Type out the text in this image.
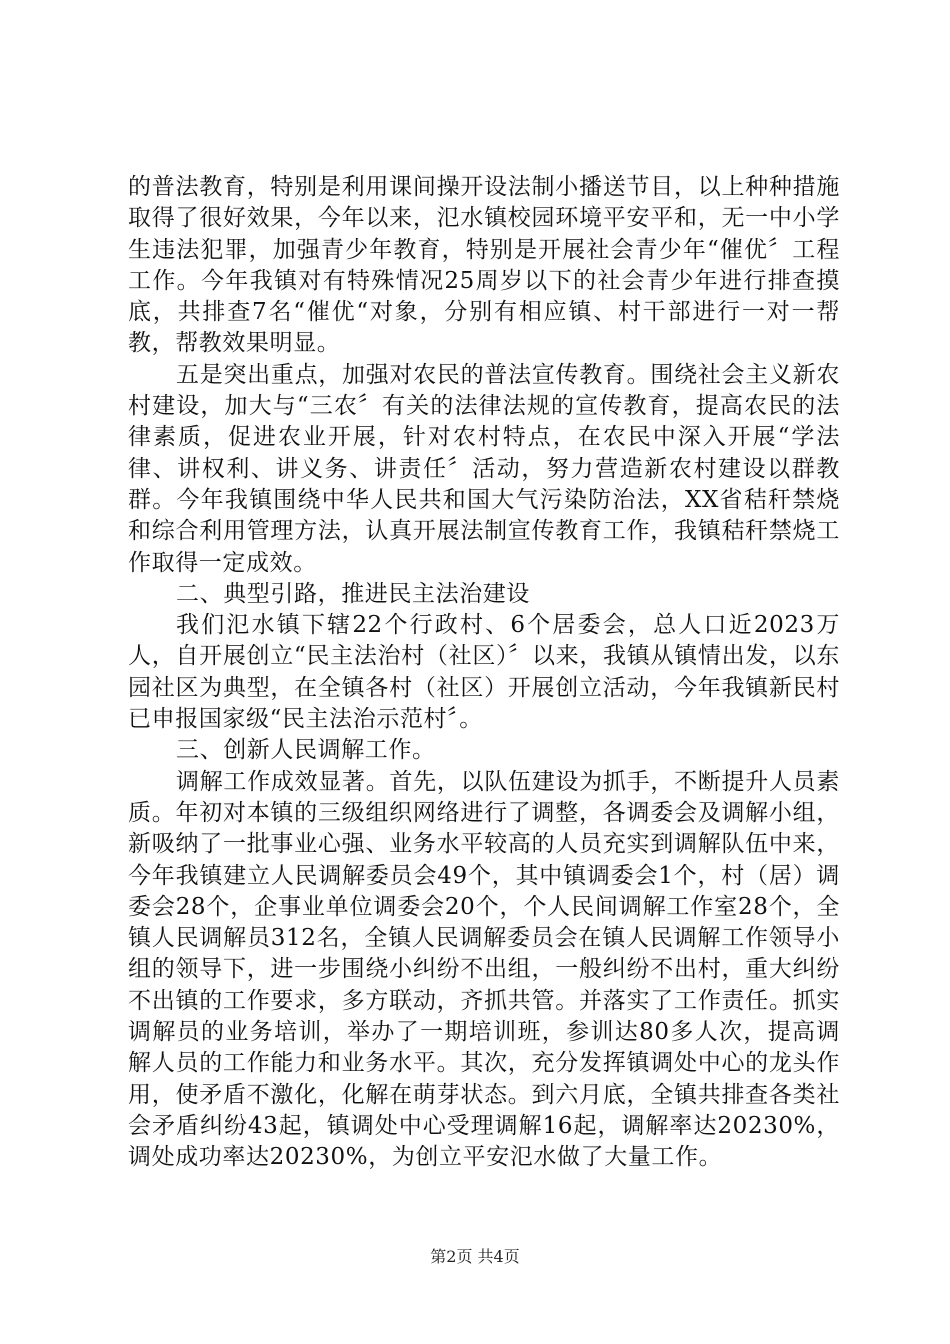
的普法教育，特别是利用课间操开设法制小播送节目，以上种种措施取得了很好效果，今年以来，氾水镇校园环境平安平和，无一中小学生违法犯罪，加强青少年教育，特别是开展社会青少年“催优〞工程工作。今年我镇对有特殊情况25周岁以下的社会青少年进行排查摸底，共排查7名“催优“对象，分别有相应镇、村干部进行一对一帮教，帮教效果明显。

五是突出重点，加强对农民的普法宣传教育。围绕社会主义新农村建设，加大与“三农〞有关的法律法规的宣传教育，提高农民的法律素质，促进农业开展，针对农村特点，在农民中深入开展“学法律、讲权利、讲义务、讲责任〞活动，努力营造新农村建设以群教群。今年我镇围绕中华人民共和国大气污染防治法，XX省秸秆禁烧和综合利用管理方法，认真开展法制宣传教育工作，我镇秸秆禁烧工作取得一定成效。

二、典型引路，推进民主法治建设

我们氾水镇下辖22个行政村、6个居委会，总人口近2023万人，自开展创立“民主法治村（社区）〞以来，我镇从镇情出发，以东园社区为典型，在全镇各村（社区）开展创立活动，今年我镇新民村已申报国家级“民主法治示范村〞。

三、创新人民调解工作。

调解工作成效显著。首先，以队伍建设为抓手，不断提升人员素质。年初对本镇的三级组织网络进行了调整，各调委会及调解小组，新吸纳了一批事业心强、业务水平较高的人员充实到调解队伍中来，今年我镇建立人民调解委员会49个，其中镇调委会1个，村（居）调委会28个，企事业单位调委会20个，个人民间调解工作室28个，全镇人民调解员312名，全镇人民调解委员会在镇人民调解工作领导小组的领导下，进一步围绕小纠纷不出组，一般纠纷不出村，重大纠纷不出镇的工作要求，多方联动，齐抓共管。并落实了工作责任。抓实调解员的业务培训，举办了一期培训班，参训达80多人次，提高调解人员的工作能力和业务水平。其次，充分发挥镇调处中心的龙头作用，使矛盾不激化，化解在萌芽状态。到六月底，全镇共排查各类社会矛盾纠纷43起，镇调处中心受理调解16起，调解率达20230%，调处成功率达20230%，为创立平安氾水做了大量工作。

第2页 共4页
